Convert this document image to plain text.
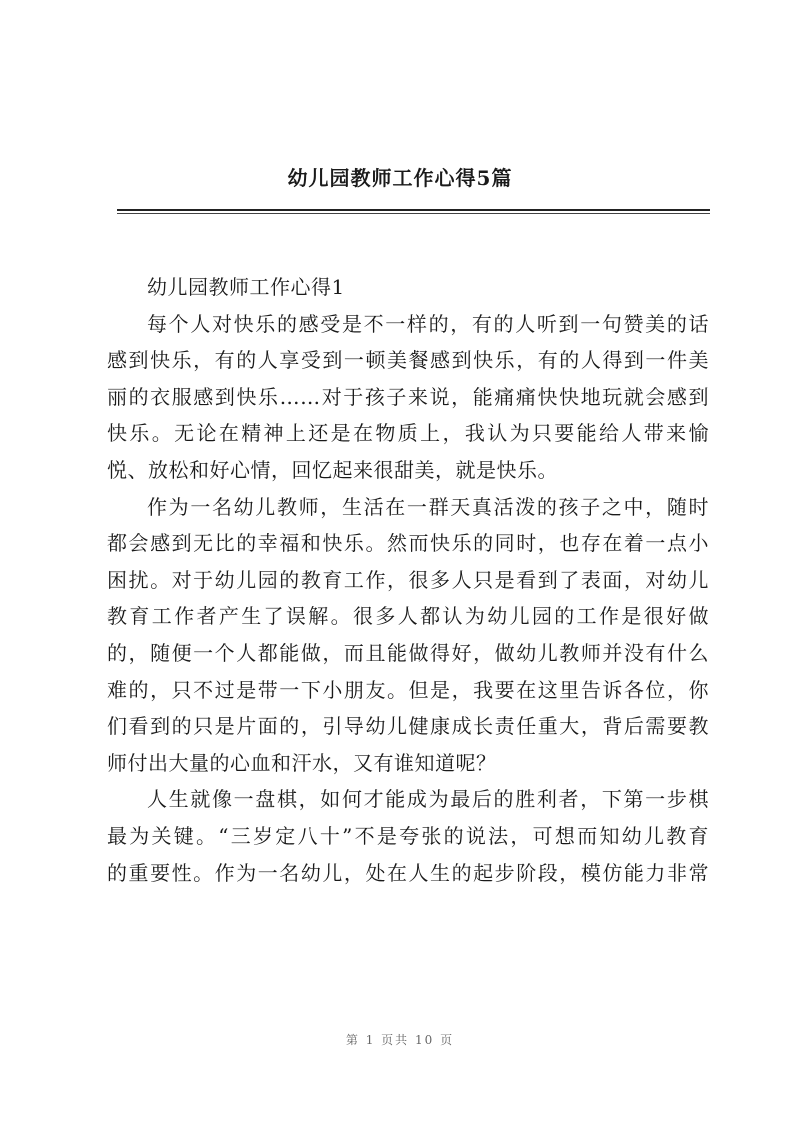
幼儿园教师工作心得5篇
幼儿园教师工作心得1
每个人对快乐的感受是不一样的，有的人听到一句赞美的话
感到快乐，有的人享受到一顿美餐感到快乐，有的人得到一件美
丽的衣服感到快乐……对于孩子来说，能痛痛快快地玩就会感到
快乐。无论在精神上还是在物质上，我认为只要能给人带来愉
悦、放松和好心情，回忆起来很甜美，就是快乐。
作为一名幼儿教师，生活在一群天真活泼的孩子之中，随时
都会感到无比的幸福和快乐。然而快乐的同时，也存在着一点小
困扰。对于幼儿园的教育工作，很多人只是看到了表面，对幼儿
教育工作者产生了误解。很多人都认为幼儿园的工作是很好做
的，随便一个人都能做，而且能做得好，做幼儿教师并没有什么
难的，只不过是带一下小朋友。但是，我要在这里告诉各位，你
们看到的只是片面的，引导幼儿健康成长责任重大，背后需要教
师付出大量的心血和汗水，又有谁知道呢？
人生就像一盘棋，如何才能成为最后的胜利者，下第一步棋
最为关键。“三岁定八十”不是夸张的说法，可想而知幼儿教育
的重要性。作为一名幼儿，处在人生的起步阶段，模仿能力非常
第 1 页共 10 页
